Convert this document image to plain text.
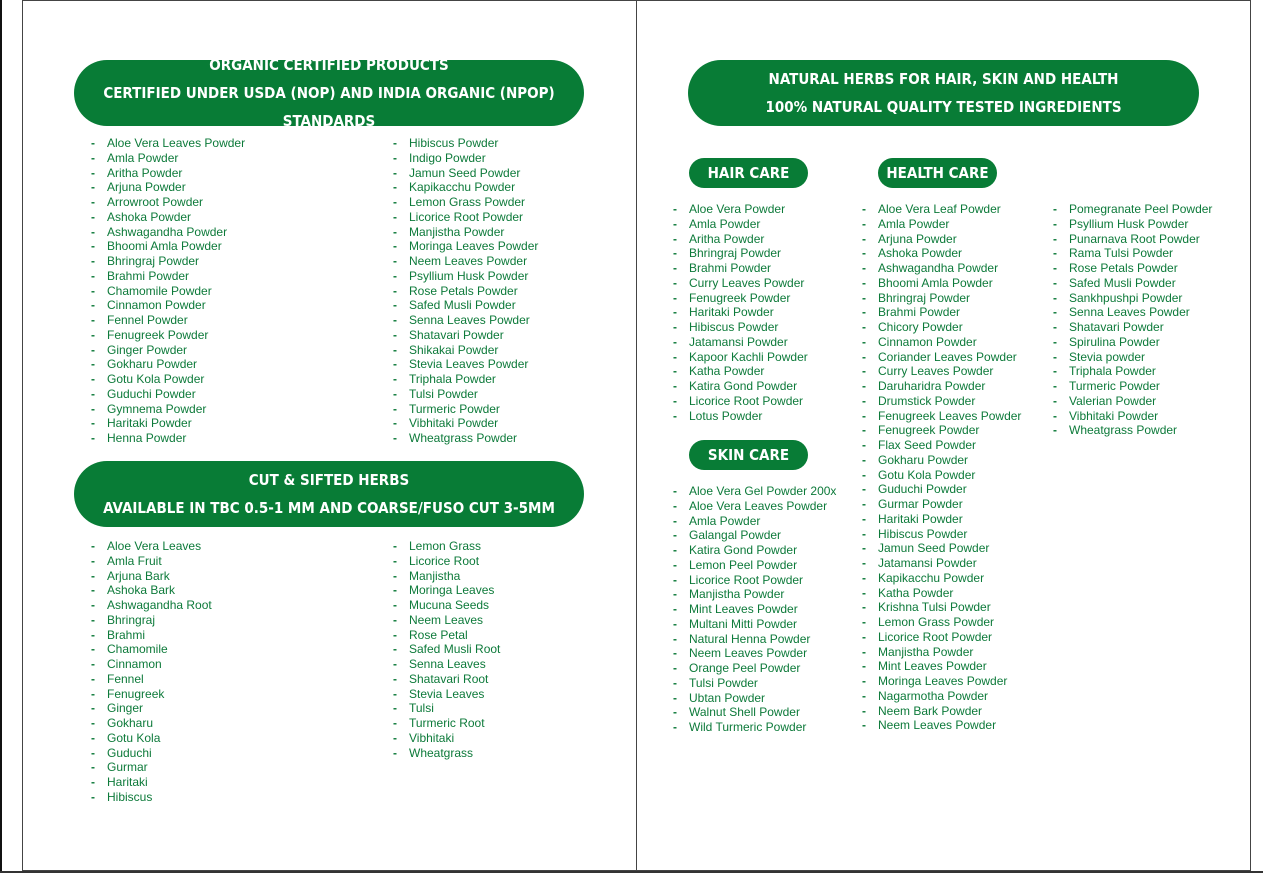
ORGANIC CERTIFIED PRODUCTS
CERTIFIED UNDER USDA (NOP) AND INDIA ORGANIC (NPOP) STANDARDS
- Aloe Vera Leaves Powder
- Amla Powder
- Aritha Powder
- Arjuna Powder
- Arrowroot Powder
- Ashoka Powder
- Ashwagandha Powder
- Bhoomi Amla Powder
- Bhringraj Powder
- Brahmi Powder
- Chamomile Powder
- Cinnamon Powder
- Fennel Powder
- Fenugreek Powder
- Ginger Powder
- Gokharu Powder
- Gotu Kola Powder
- Guduchi Powder
- Gymnema Powder
- Haritaki Powder
- Henna Powder
- Hibiscus Powder
- Indigo Powder
- Jamun Seed Powder
- Kapikacchu Powder
- Lemon Grass Powder
- Licorice Root Powder
- Manjistha Powder
- Moringa Leaves Powder
- Neem Leaves Powder
- Psyllium Husk Powder
- Rose Petals Powder
- Safed Musli Powder
- Senna Leaves Powder
- Shatavari Powder
- Shikakai Powder
- Stevia Leaves Powder
- Triphala Powder
- Tulsi Powder
- Turmeric Powder
- Vibhitaki Powder
- Wheatgrass Powder
CUT & SIFTED HERBS
AVAILABLE IN TBC 0.5-1 MM AND COARSE/FUSO CUT 3-5MM
- Aloe Vera Leaves
- Amla Fruit
- Arjuna Bark
- Ashoka Bark
- Ashwagandha Root
- Bhringraj
- Brahmi
- Chamomile
- Cinnamon
- Fennel
- Fenugreek
- Ginger
- Gokharu
- Gotu Kola
- Guduchi
- Gurmar
- Haritaki
- Hibiscus
- Lemon Grass
- Licorice Root
- Manjistha
- Moringa Leaves
- Mucuna Seeds
- Neem Leaves
- Rose Petal
- Safed Musli Root
- Senna Leaves
- Shatavari Root
- Stevia Leaves
- Tulsi
- Turmeric Root
- Vibhitaki
- Wheatgrass
NATURAL HERBS FOR HAIR, SKIN AND HEALTH
100% NATURAL QUALITY TESTED INGREDIENTS
HAIR CARE
- Aloe Vera Powder
- Amla Powder
- Aritha Powder
- Bhringraj Powder
- Brahmi Powder
- Curry Leaves Powder
- Fenugreek Powder
- Haritaki Powder
- Hibiscus Powder
- Jatamansi Powder
- Kapoor Kachli Powder
- Katha Powder
- Katira Gond Powder
- Licorice Root Powder
- Lotus Powder
SKIN CARE
- Aloe Vera Gel Powder 200x
- Aloe Vera Leaves Powder
- Amla Powder
- Galangal Powder
- Katira Gond Powder
- Lemon Peel Powder
- Licorice Root Powder
- Manjistha Powder
- Mint Leaves Powder
- Multani Mitti Powder
- Natural Henna Powder
- Neem Leaves Powder
- Orange Peel Powder
- Tulsi Powder
- Ubtan Powder
- Walnut Shell Powder
- Wild Turmeric Powder
HEALTH CARE
- Aloe Vera Leaf Powder
- Amla Powder
- Arjuna Powder
- Ashoka Powder
- Ashwagandha Powder
- Bhoomi Amla Powder
- Bhringraj Powder
- Brahmi Powder
- Chicory Powder
- Cinnamon Powder
- Coriander Leaves Powder
- Curry Leaves Powder
- Daruharidra Powder
- Drumstick Powder
- Fenugreek Leaves Powder
- Fenugreek Powder
- Flax Seed Powder
- Gokharu Powder
- Gotu Kola Powder
- Guduchi Powder
- Gurmar Powder
- Haritaki Powder
- Hibiscus Powder
- Jamun Seed Powder
- Jatamansi Powder
- Kapikacchu Powder
- Katha Powder
- Krishna Tulsi Powder
- Lemon Grass Powder
- Licorice Root Powder
- Manjistha Powder
- Mint Leaves Powder
- Moringa Leaves Powder
- Nagarmotha Powder
- Neem Bark Powder
- Neem Leaves Powder
- Pomegranate Peel Powder
- Psyllium Husk Powder
- Punarnava Root Powder
- Rama Tulsi Powder
- Rose Petals Powder
- Safed Musli Powder
- Sankhpushpi Powder
- Senna Leaves Powder
- Shatavari Powder
- Spirulina Powder
- Stevia powder
- Triphala Powder
- Turmeric Powder
- Valerian Powder
- Vibhitaki Powder
- Wheatgrass Powder
